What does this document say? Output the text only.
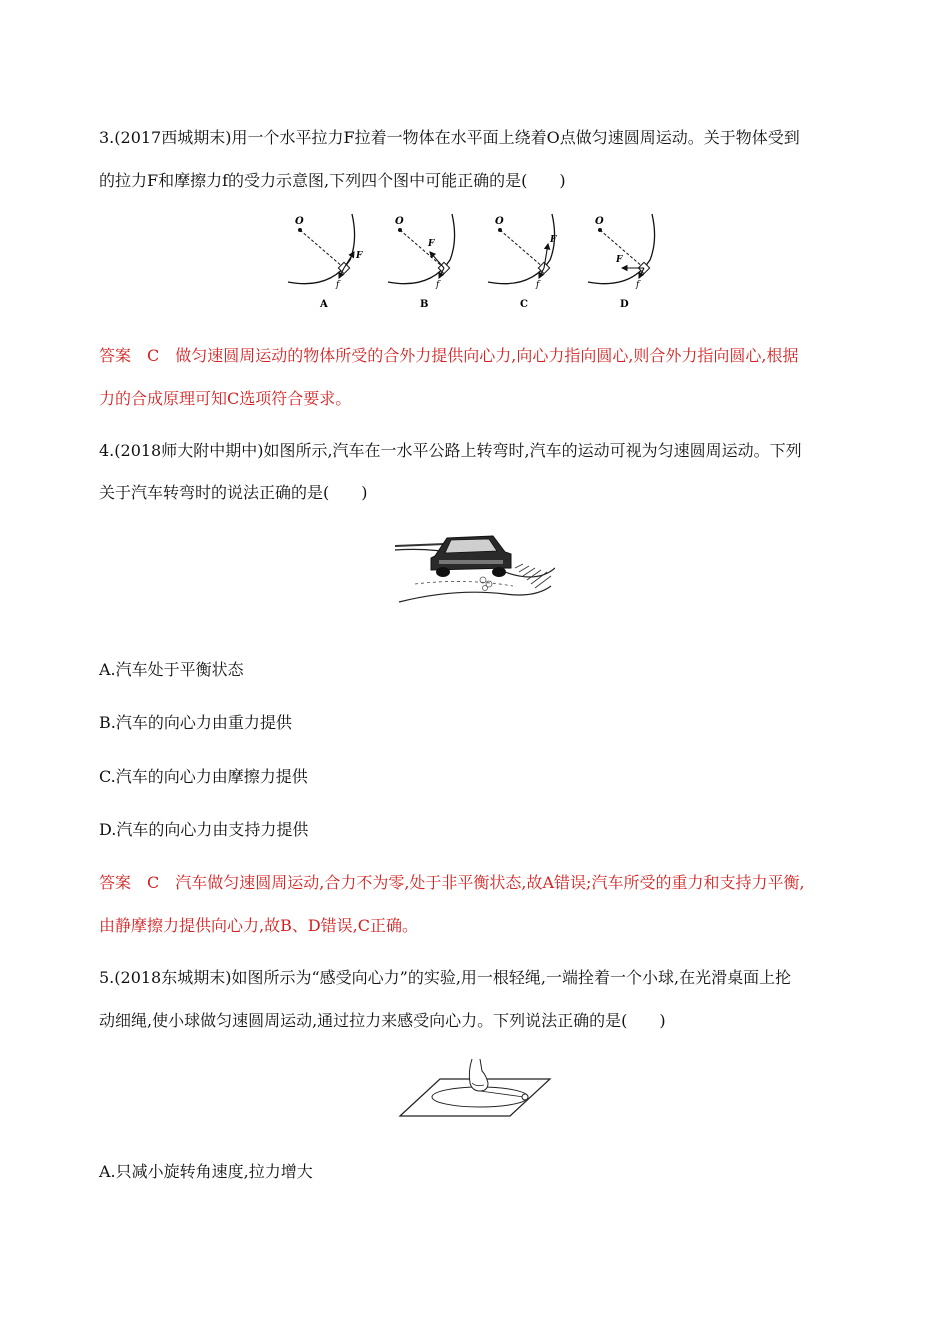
3.(2017西城期末)用一个水平拉力F拉着一物体在水平面上绕着O点做匀速圆周运动。关于物体受到
的拉力F和摩擦力f的受力示意图,下列四个图中可能正确的是(　　)
O
F
f
A
O
F
f
B
O
F
f
C
O
F
f
D
答案　C　做匀速圆周运动的物体所受的合外力提供向心力,向心力指向圆心,则合外力指向圆心,根据
力的合成原理可知C选项符合要求。
4.(2018师大附中期中)如图所示,汽车在一水平公路上转弯时,汽车的运动可视为匀速圆周运动。下列
关于汽车转弯时的说法正确的是(　　)
A.汽车处于平衡状态
B.汽车的向心力由重力提供
C.汽车的向心力由摩擦力提供
D.汽车的向心力由支持力提供
答案　C　汽车做匀速圆周运动,合力不为零,处于非平衡状态,故A错误;汽车所受的重力和支持力平衡,
由静摩擦力提供向心力,故B、D错误,C正确。
5.(2018东城期末)如图所示为“感受向心力”的实验,用一根轻绳,一端拴着一个小球,在光滑桌面上抡
动细绳,使小球做匀速圆周运动,通过拉力来感受向心力。下列说法正确的是(　　)
A.只减小旋转角速度,拉力增大
